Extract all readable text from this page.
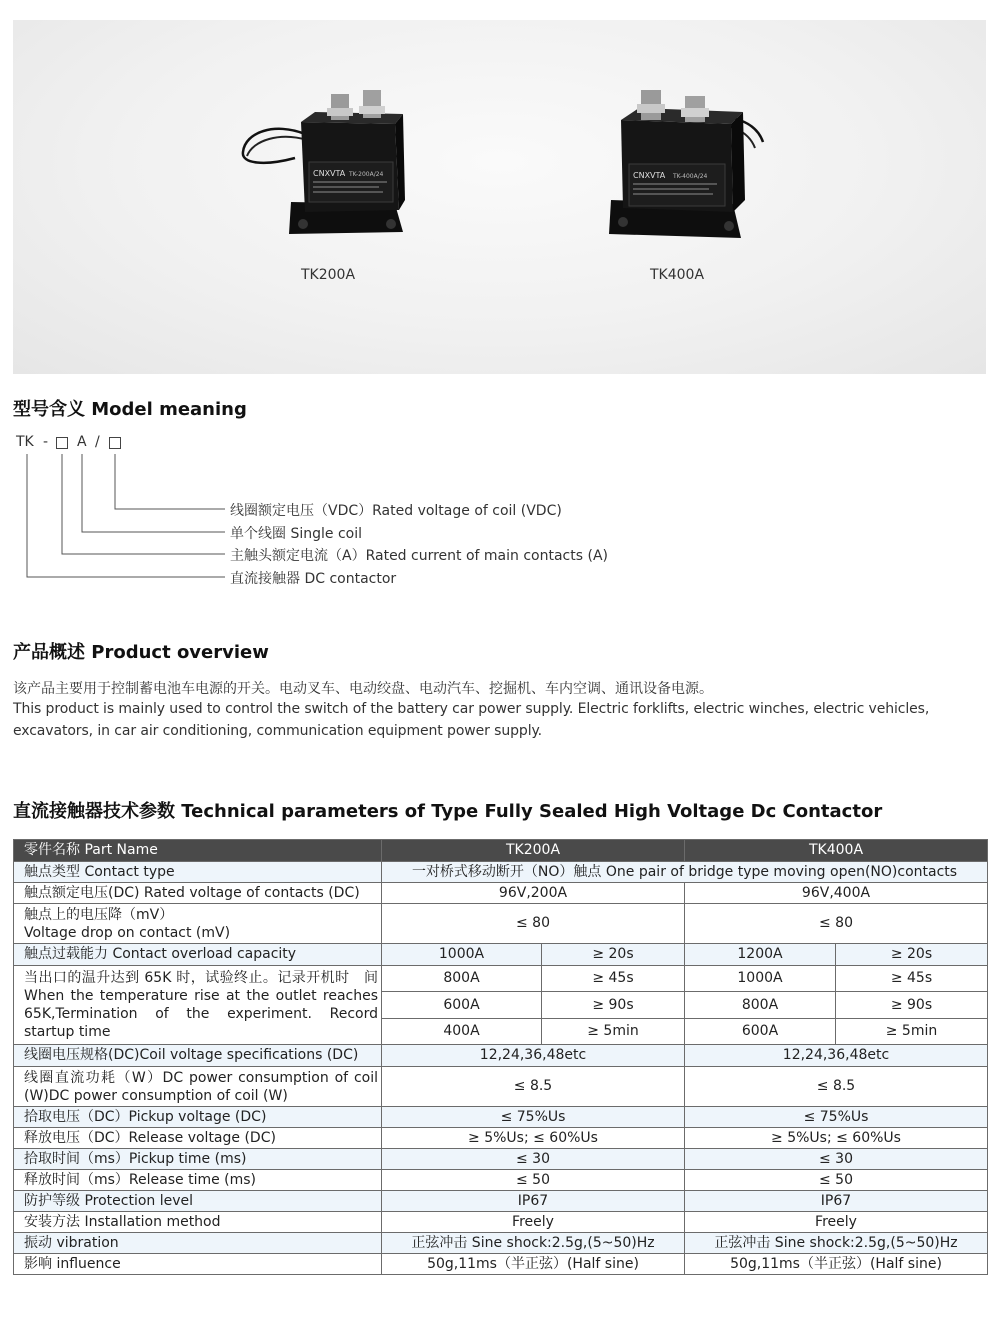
CNXVTA TK-200A/24
TK200A
CNXVTA TK-400A/24
TK400A
型号含义 Model meaning
TK - A /
线圈额定电压（VDC）Rated voltage of coil (VDC)
单个线圈 Single coil
主触头额定电流（A）Rated current of main contacts (A)
直流接触器 DC contactor
产品概述 Product overview
该产品主要用于控制蓄电池车电源的开关。电动叉车、电动绞盘、电动汽车、挖掘机、车内空调、通讯设备电源。
This product is mainly used to control the switch of the battery car power supply. Electric forklifts, electric winches, electric vehicles, excavators, in car air conditioning, communication equipment power supply.
直流接触器技术参数 Technical parameters of Type Fully Sealed High Voltage Dc Contactor
零件名称 Part Name	TK200A		TK400A	
触点类型 Contact type	一对桥式移动断开（NO）触点 One pair of bridge type moving open(NO)contacts			
触点额定电压(DC) Rated voltage of contacts (DC)	96V,200A		96V,400A	

触点上的电压降（mV）
Voltage drop on contact (mV)	≤ 80		≤ 80	
触点过载能力 Contact overload capacity	1000A	≥ 20s	1200A	≥ 20s
当出口的温升达到 65K 时，试验终止。记录开机时　间 When the temperature rise at the outlet reaches 65K,Termination of the experiment. Record startup time	800A	≥ 45s	1000A	≥ 45s
	600A	≥ 90s	800A	≥ 90s
	400A	≥ 5min	600A	≥ 5min
线圈电压规格(DC)Coil voltage specifications (DC)	12,24,36,48etc		12,24,36,48etc	
线圈直流功耗（W）DC power consumption of coil (W)DC power consumption of coil (W)	≤ 8.5		≤ 8.5	
拾取电压（DC）Pickup voltage (DC)	≤ 75%Us		≤ 75%Us	
释放电压（DC）Release voltage (DC)	≥ 5%Us; ≤ 60%Us		≥ 5%Us; ≤ 60%Us	
拾取时间（ms）Pickup time (ms)	≤ 30		≤ 30	
释放时间（ms）Release time (ms)	≤ 50		≤ 50	
防护等级 Protection level	IP67		IP67	
安装方法 Installation method	Freely		Freely	
振动 vibration	正弦冲击 Sine shock:2.5g,(5~50)Hz		正弦冲击 Sine shock:2.5g,(5~50)Hz	
影响 influence	50g,11ms（半正弦）(Half sine)		50g,11ms（半正弦）(Half sine)	
